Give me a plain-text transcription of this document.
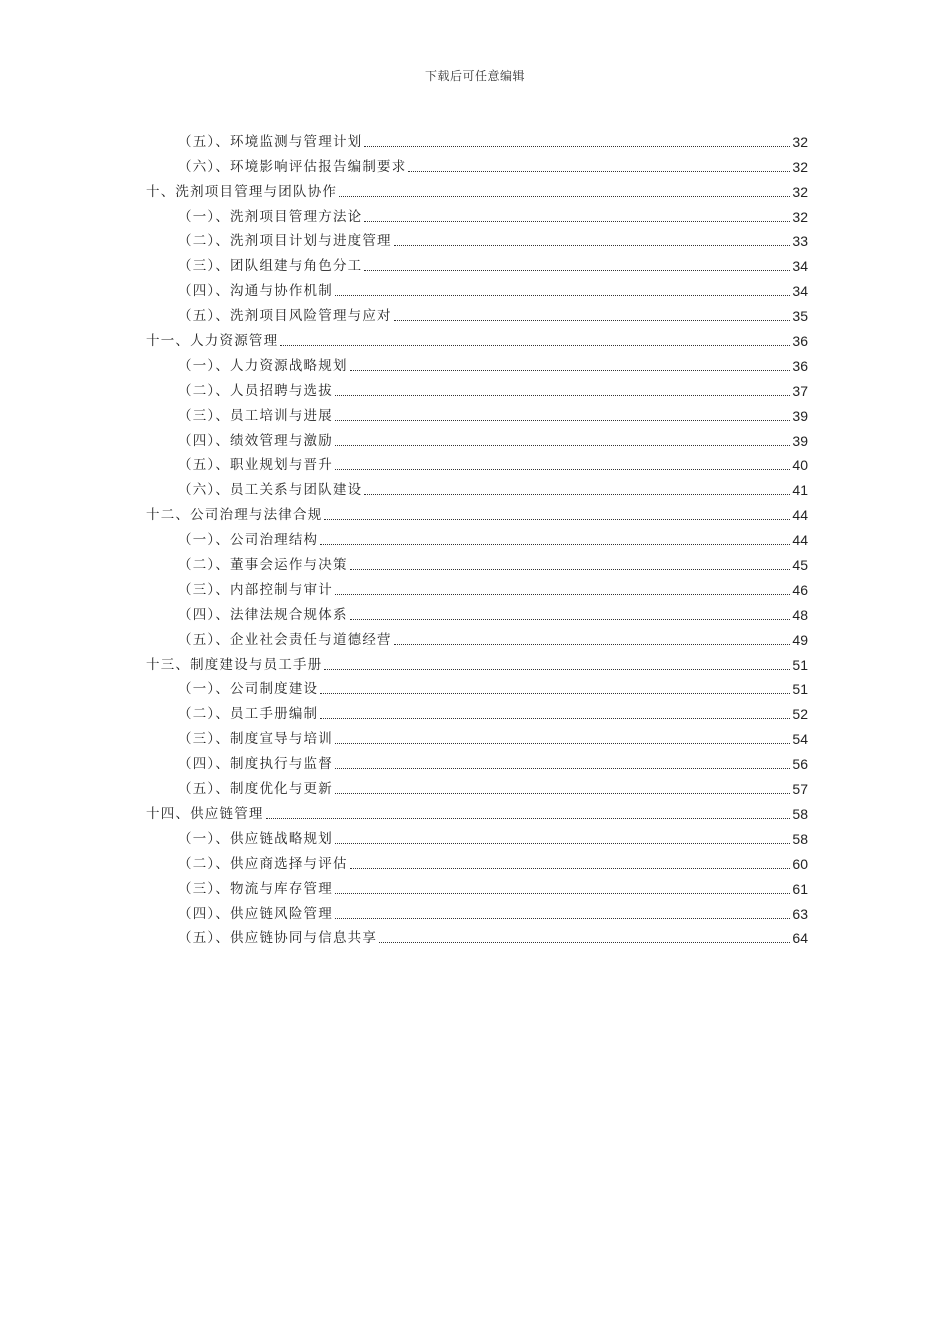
下载后可任意编辑
（五）、环境监测与管理计划	32
（六）、环境影响评估报告编制要求	32
十、洗剂项目管理与团队协作	32
（一）、洗剂项目管理方法论	32
（二）、洗剂项目计划与进度管理	33
（三）、团队组建与角色分工	34
（四）、沟通与协作机制	34
（五）、洗剂项目风险管理与应对	35
十一、人力资源管理	36
（一）、人力资源战略规划	36
（二）、人员招聘与选拔	37
（三）、员工培训与进展	39
（四）、绩效管理与激励	39
（五）、职业规划与晋升	40
（六）、员工关系与团队建设	41
十二、公司治理与法律合规	44
（一）、公司治理结构	44
（二）、董事会运作与决策	45
（三）、内部控制与审计	46
（四）、法律法规合规体系	48
（五）、企业社会责任与道德经营	49
十三、制度建设与员工手册	51
（一）、公司制度建设	51
（二）、员工手册编制	52
（三）、制度宣导与培训	54
（四）、制度执行与监督	56
（五）、制度优化与更新	57
十四、供应链管理	58
（一）、供应链战略规划	58
（二）、供应商选择与评估	60
（三）、物流与库存管理	61
（四）、供应链风险管理	63
（五）、供应链协同与信息共享	64
